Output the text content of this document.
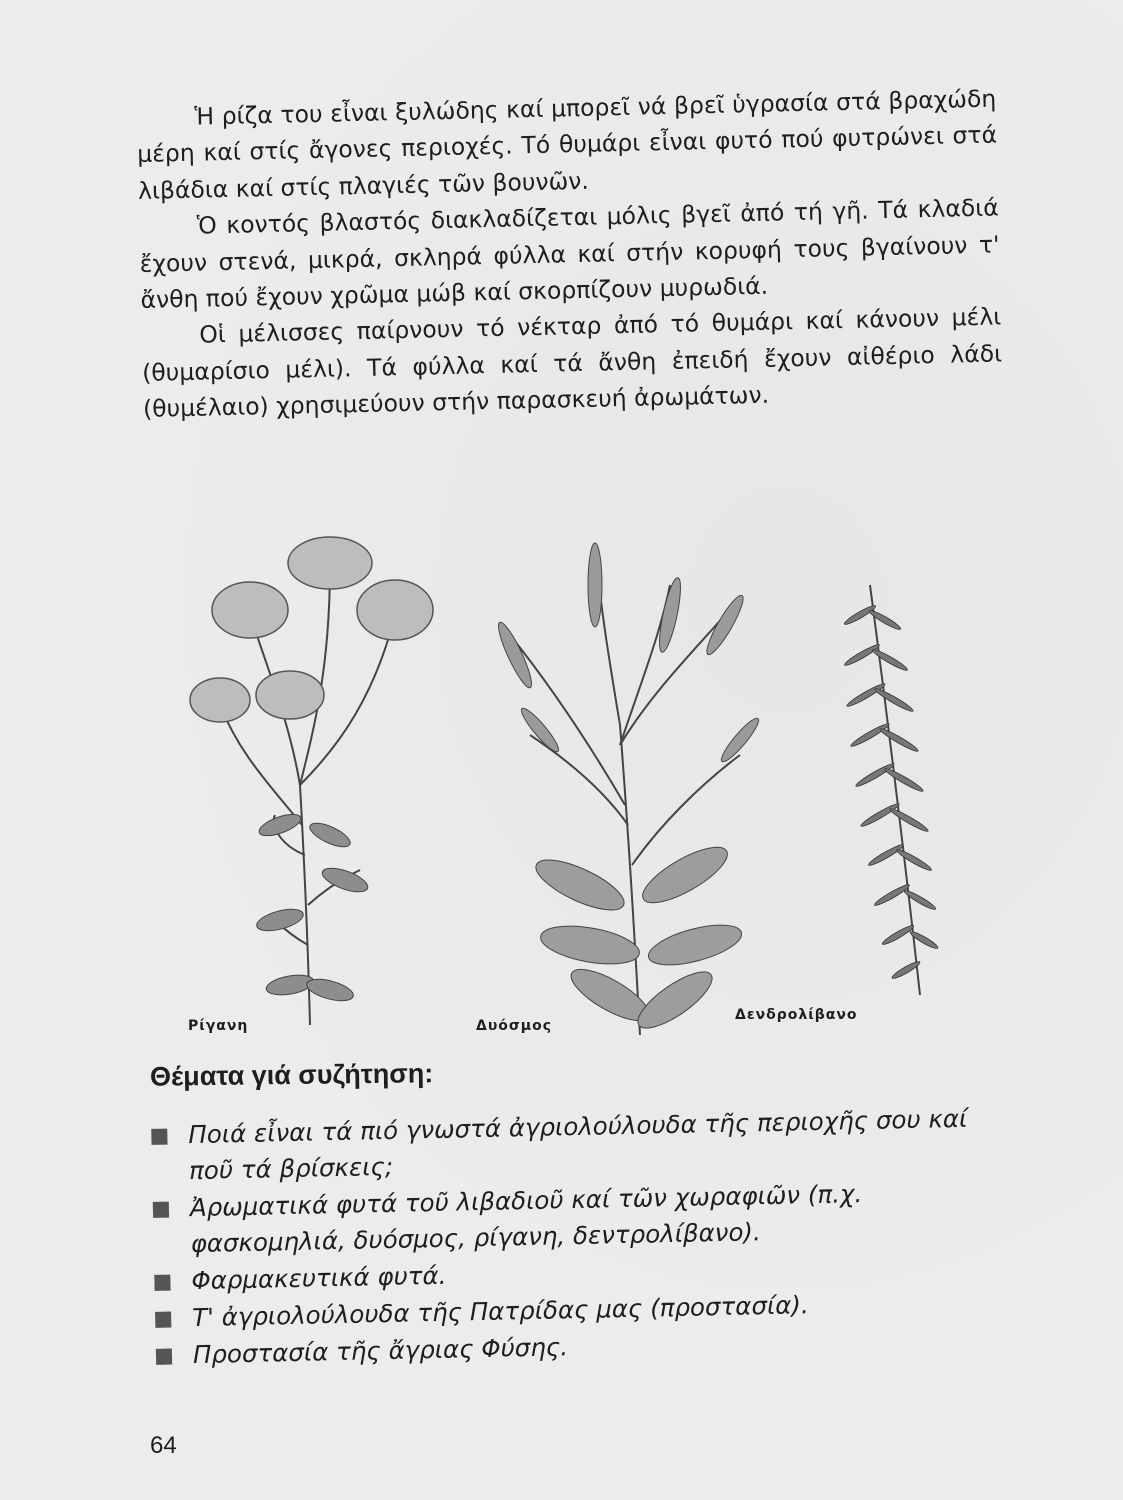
Ἡ ρίζα του εἶναι ξυλώδης καί μπορεῖ νά βρεῖ ὑγρασία στά βραχώδη μέρη καί στίς ἄγονες περιοχές. Τό θυμάρι εἶναι φυτό πού φυτρώνει στά λιβάδια καί στίς πλαγιές τῶν βουνῶν.

Ὁ κοντός βλαστός διακλαδίζεται μόλις βγεῖ ἀπό τή γῆ. Τά κλαδιά ἔχουν στενά, μικρά, σκληρά φύλλα καί στήν κορυφή τους βγαίνουν τ' ἄνθη πού ἔχουν χρῶμα μώβ καί σκορπίζουν μυρωδιά.

Οἱ μέλισσες παίρνουν τό νέκταρ ἀπό τό θυμάρι καί κάνουν μέλι (θυμαρίσιο μέλι). Τά φύλλα καί τά ἄνθη ἐπειδή ἔχουν αἰθέριο λάδι (θυμέλαιο) χρησιμεύουν στήν παρασκευή ἀρωμάτων.

Ρίγανη	Δυόσμος
Δενδρολίβανο
Θέματα γιά συζήτηση:
Ποιά εἶναι τά πιό γνωστά ἀγριολούλουδα τῆς περιοχῆς σου καί ποῦ τά βρίσκεις;
Ἀρωματικά φυτά τοῦ λιβαδιοῦ καί τῶν χωραφιῶν (π.χ. φασκομηλιά, δυόσμος, ρίγανη, δεντρολίβανο).
Φαρμακευτικά φυτά.
Τ' ἀγριολούλουδα τῆς Πατρίδας μας (προστασία).
Προστασία τῆς ἄγριας Φύσης.
64
